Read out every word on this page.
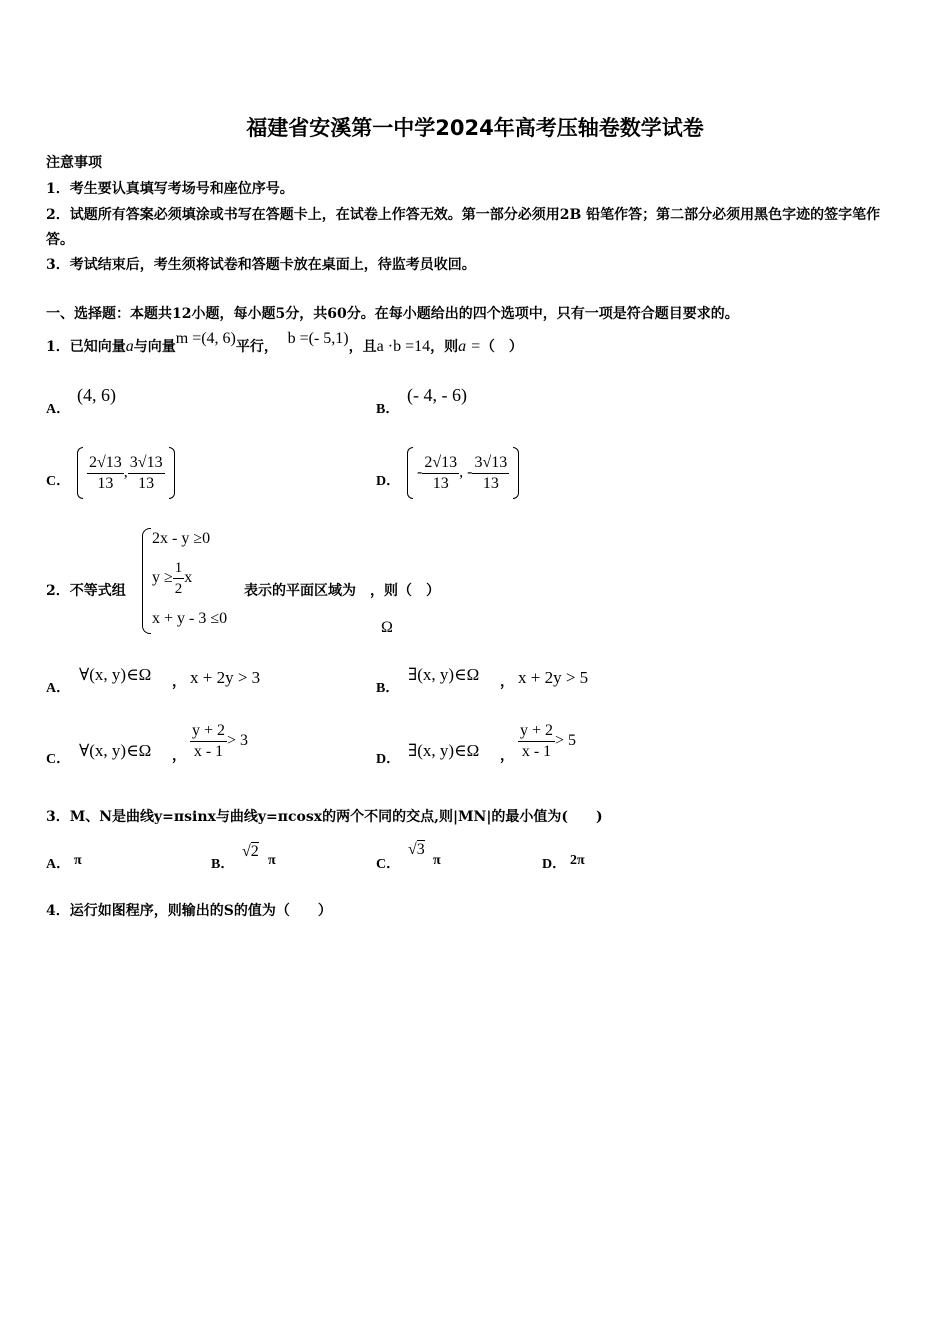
福建省安溪第一中学2024年高考压轴卷数学试卷
注意事项
1．考生要认真填写考场号和座位序号。
2．试题所有答案必须填涂或书写在答题卡上，在试卷上作答无效。第一部分必须用2B 铅笔作答；第二部分必须用黑色字迹的签字笔作答。
3．考试结束后，考生须将试卷和答题卡放在桌面上，待监考员收回。
一、选择题：本题共12小题，每小题5分，共60分。在每小题给出的四个选项中，只有一项是符合题目要求的。
1．已知向量a与向量m =(4, 6)平行， b =(- 5,1)，且a ·b =14，则a =（　）
A．
(4, 6)
B．
(- 4, - 6)
C．
$\frac{2√13}{13}$ , $\frac{3√13}{13}$
	D．
- $\frac{2√13}{13}$ , - $\frac{3√13}{13}$

2．不等式组
2x - y ≥0
$y \ge \frac{1}{2}$ x
x + y - 3 ≤0
表示的平面区域为　，则（　）
Ω
A．
∀(x, y)∈Ω ， x + 2y > 3
B．
∃(x, y)∈Ω ， x + 2y > 5
C． ∀(x, y)∈Ω ， $\frac{y + 2}{x - 1} > 3$
D． ∃(x, y)∈Ω ， $\frac{y + 2}{x - 1} > 5$
3．M、N是曲线y=πsinx与曲线y=πcosx的两个不同的交点,则|MN|的最小值为(　　)
A． π	B．
√2
π	C．
√3
π	D． 2π
4．运行如图程序，则输出的S的值为（　　）
